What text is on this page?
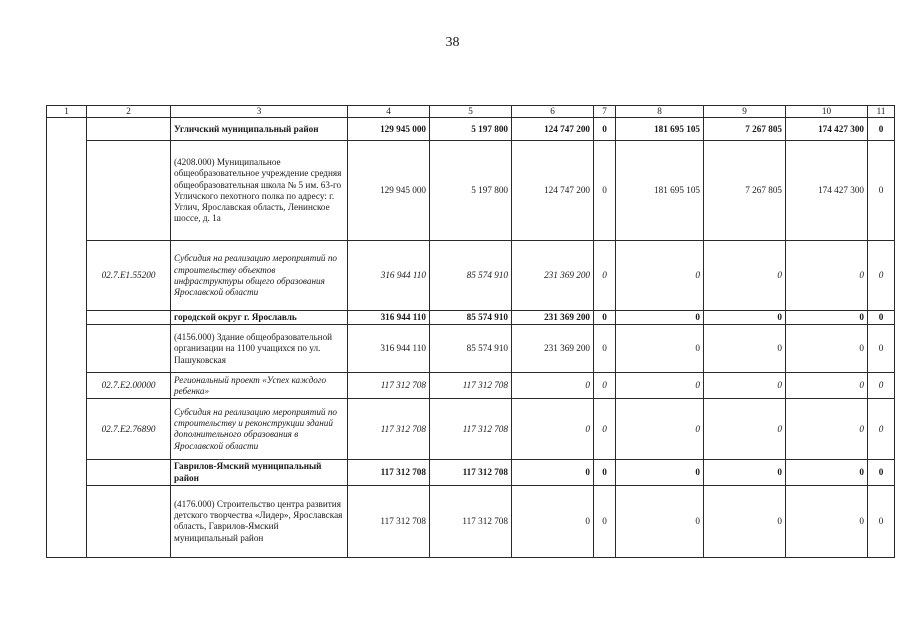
38
1	2	3	4	5	6	7	8	9	10	11
		Угличский муниципальный район	129 945 000	5 197 800	124 747 200	0	181 695 105	7 267 805	174 427 300	0
		(4208.000) Муниципальное общеобразовательное учреждение средняя общеобразовательная школа № 5 им. 63-го Угличского пехотного полка по адресу: г. Углич, Ярославская область, Ленинское шоссе, д. 1а	129 945 000	5 197 800	124 747 200	0	181 695 105	7 267 805	174 427 300	0
	02.7.E1.55200	Субсидия на реализацию мероприятий по строительству объектов инфраструктуры общего образования Ярославской области	316 944 110	85 574 910	231 369 200	0	0	0	0	0
		городской округ г. Ярославль	316 944 110	85 574 910	231 369 200	0	0	0	0	0
		(4156.000) Здание общеобразовательной организации на 1100 учащихся по ул. Пашуковская	316 944 110	85 574 910	231 369 200	0	0	0	0	0
	02.7.E2.00000	Региональный проект «Успех каждого ребенка»	117 312 708	117 312 708	0	0	0	0	0	0
	02.7.E2.76890	Субсидия на реализацию мероприятий по строительству и реконструкции зданий дополнительного образования в Ярославской области	117 312 708	117 312 708	0	0	0	0	0	0
		Гаврилов-Ямский муниципальный район	117 312 708	117 312 708	0	0	0	0	0	0
		(4176.000) Строительство центра развития детского творчества «Лидер», Ярославская область, Гаврилов-Ямский муниципальный район	117 312 708	117 312 708	0	0	0	0	0	0
